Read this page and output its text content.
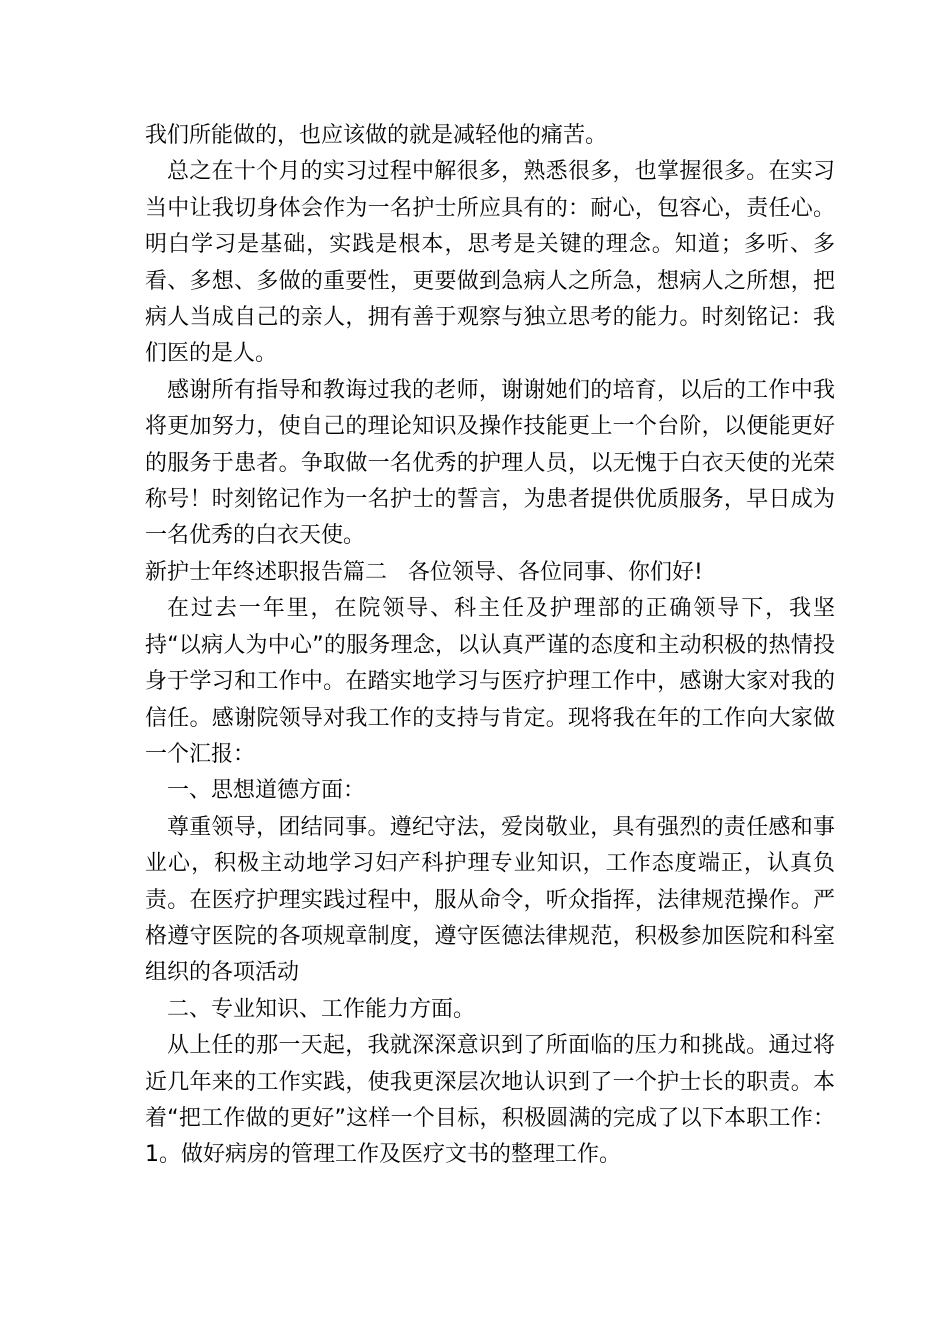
我们所能做的，也应该做的就是减轻他的痛苦。

总之在十个月的实习过程中解很多，熟悉很多，也掌握很多。在实习当中让我切身体会作为一名护士所应具有的：耐心，包容心，责任心。明白学习是基础，实践是根本，思考是关键的理念。知道；多听、多看、多想、多做的重要性，更要做到急病人之所急，想病人之所想，把病人当成自己的亲人，拥有善于观察与独立思考的能力。时刻铭记：我们医的是人。

感谢所有指导和教诲过我的老师，谢谢她们的培育，以后的工作中我将更加努力，使自己的理论知识及操作技能更上一个台阶，以便能更好的服务于患者。争取做一名优秀的护理人员，以无愧于白衣天使的光荣称号！时刻铭记作为一名护士的誓言，为患者提供优质服务，早日成为一名优秀的白衣天使。

新护士年终述职报告篇二   各位领导、各位同事、你们好!

在过去一年里，在院领导、科主任及护理部的正确领导下，我坚持“以病人为中心”的服务理念，以认真严谨的态度和主动积极的热情投身于学习和工作中。在踏实地学习与医疗护理工作中，感谢大家对我的信任。感谢院领导对我工作的支持与肯定。现将我在年的工作向大家做一个汇报：

一、思想道德方面：

尊重领导，团结同事。遵纪守法，爱岗敬业，具有强烈的责任感和事业心，积极主动地学习妇产科护理专业知识，工作态度端正，认真负责。在医疗护理实践过程中，服从命令，听众指挥，法律规范操作。严格遵守医院的各项规章制度，遵守医德法律规范，积极参加医院和科室组织的各项活动

二、专业知识、工作能力方面。

从上任的那一天起，我就深深意识到了所面临的压力和挑战。通过将近几年来的工作实践，使我更深层次地认识到了一个护士长的职责。本着“把工作做的更好”这样一个目标，积极圆满的完成了以下本职工作：1。做好病房的管理工作及医疗文书的整理工作。
